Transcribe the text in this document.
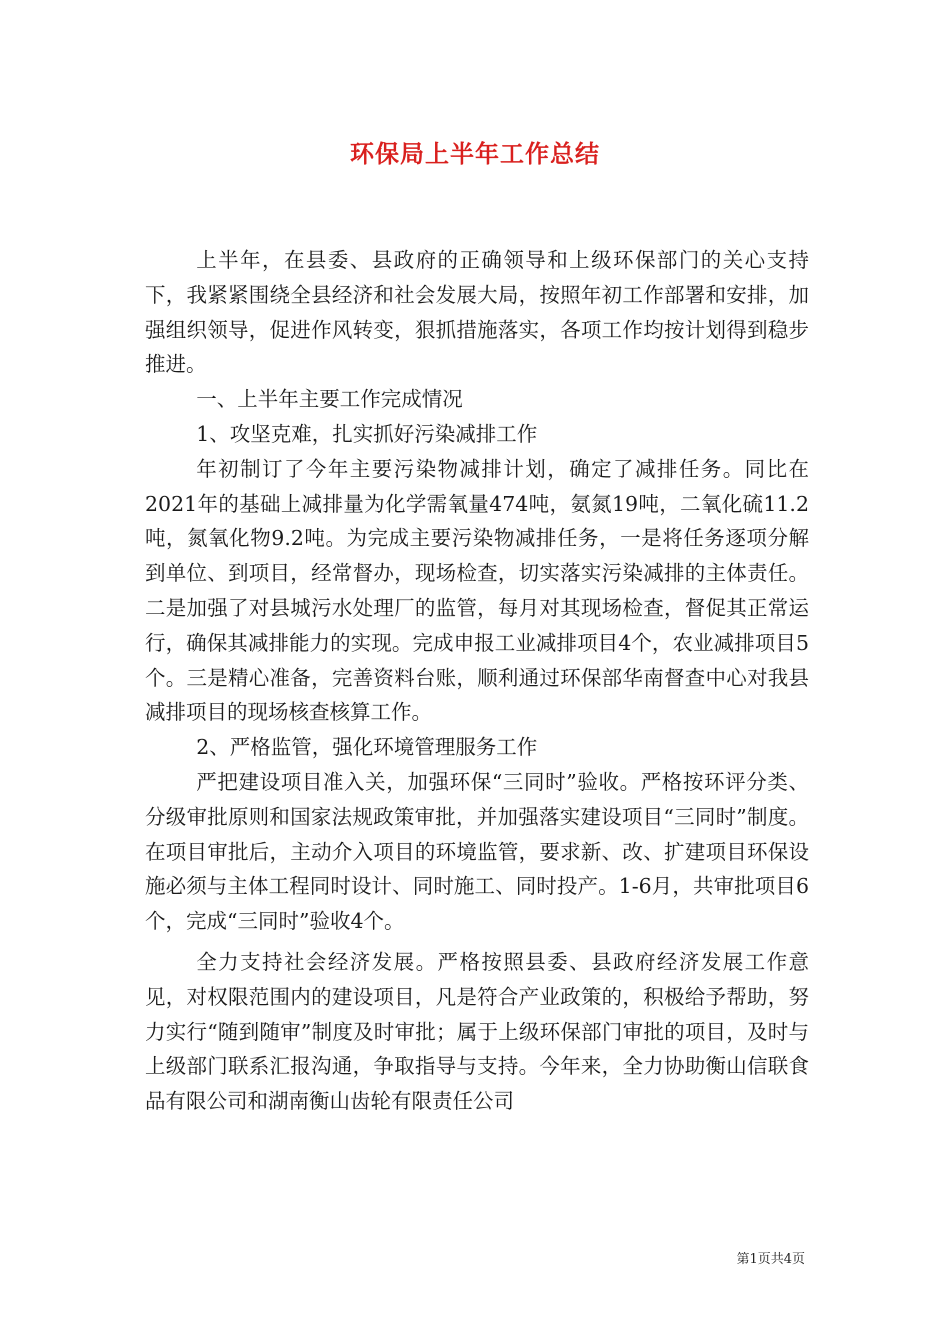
环保局上半年工作总结

上半年，在县委、县政府的正确领导和上级环保部门的关心支持下，我紧紧围绕全县经济和社会发展大局，按照年初工作部署和安排，加强组织领导，促进作风转变，狠抓措施落实，各项工作均按计划得到稳步推进。

一、上半年主要工作完成情况

1、攻坚克难，扎实抓好污染减排工作

年初制订了今年主要污染物减排计划，确定了减排任务。同比在2021年的基础上减排量为化学需氧量474吨，氨氮19吨，二氧化硫11.2吨，氮氧化物9.2吨。为完成主要污染物减排任务，一是将任务逐项分解到单位、到项目，经常督办，现场检查，切实落实污染减排的主体责任。二是加强了对县城污水处理厂的监管，每月对其现场检查，督促其正常运行，确保其减排能力的实现。完成申报工业减排项目4个，农业减排项目5个。三是精心准备，完善资料台账，顺利通过环保部华南督查中心对我县减排项目的现场核查核算工作。

2、严格监管，强化环境管理服务工作

严把建设项目准入关，加强环保“三同时”验收。严格按环评分类、分级审批原则和国家法规政策审批，并加强落实建设项目“三同时”制度。在项目审批后，主动介入项目的环境监管，要求新、改、扩建项目环保设施必须与主体工程同时设计、同时施工、同时投产。1-6月，共审批项目6个，完成“三同时”验收4个。

全力支持社会经济发展。严格按照县委、县政府经济发展工作意见，对权限范围内的建设项目，凡是符合产业政策的，积极给予帮助，努力实行“随到随审”制度及时审批；属于上级环保部门审批的项目，及时与上级部门联系汇报沟通，争取指导与支持。今年来，全力协助衡山信联食品有限公司和湖南衡山齿轮有限责任公司

第1页共4页
